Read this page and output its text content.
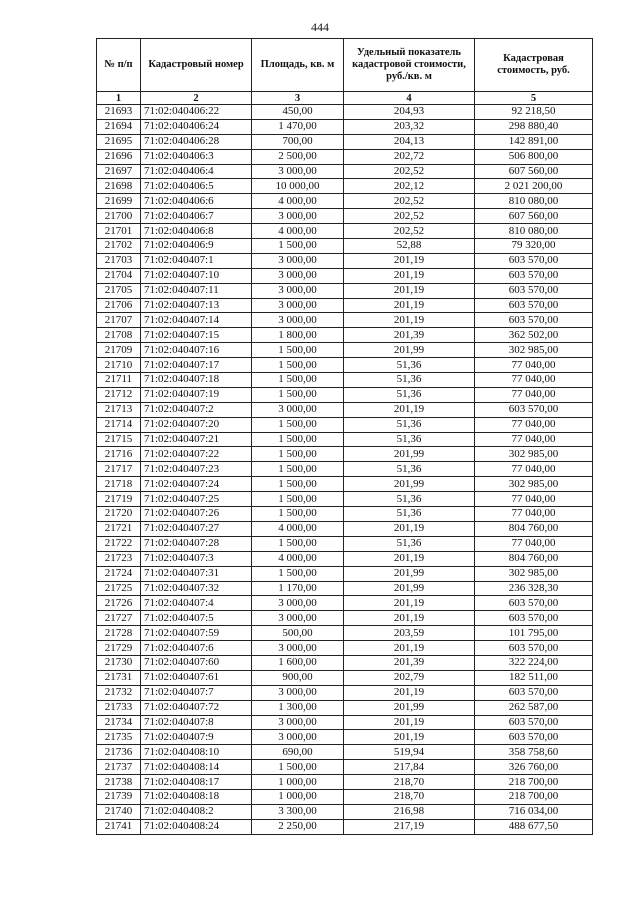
444
№ п/п	Кадастровый номер	Площадь, кв. м	Удельный показатель кадастровой стоимости, руб./кв. м	Кадастровая стоимость, руб.
1	2	3	4	5
21693	71:02:040406:22	450,00	204,93	92 218,50
21694	71:02:040406:24	1 470,00	203,32	298 880,40
21695	71:02:040406:28	700,00	204,13	142 891,00
21696	71:02:040406:3	2 500,00	202,72	506 800,00
21697	71:02:040406:4	3 000,00	202,52	607 560,00
21698	71:02:040406:5	10 000,00	202,12	2 021 200,00
21699	71:02:040406:6	4 000,00	202,52	810 080,00
21700	71:02:040406:7	3 000,00	202,52	607 560,00
21701	71:02:040406:8	4 000,00	202,52	810 080,00
21702	71:02:040406:9	1 500,00	52,88	79 320,00
21703	71:02:040407:1	3 000,00	201,19	603 570,00
21704	71:02:040407:10	3 000,00	201,19	603 570,00
21705	71:02:040407:11	3 000,00	201,19	603 570,00
21706	71:02:040407:13	3 000,00	201,19	603 570,00
21707	71:02:040407:14	3 000,00	201,19	603 570,00
21708	71:02:040407:15	1 800,00	201,39	362 502,00
21709	71:02:040407:16	1 500,00	201,99	302 985,00
21710	71:02:040407:17	1 500,00	51,36	77 040,00
21711	71:02:040407:18	1 500,00	51,36	77 040,00
21712	71:02:040407:19	1 500,00	51,36	77 040,00
21713	71:02:040407:2	3 000,00	201,19	603 570,00
21714	71:02:040407:20	1 500,00	51,36	77 040,00
21715	71:02:040407:21	1 500,00	51,36	77 040,00
21716	71:02:040407:22	1 500,00	201,99	302 985,00
21717	71:02:040407:23	1 500,00	51,36	77 040,00
21718	71:02:040407:24	1 500,00	201,99	302 985,00
21719	71:02:040407:25	1 500,00	51,36	77 040,00
21720	71:02:040407:26	1 500,00	51,36	77 040,00
21721	71:02:040407:27	4 000,00	201,19	804 760,00
21722	71:02:040407:28	1 500,00	51,36	77 040,00
21723	71:02:040407:3	4 000,00	201,19	804 760,00
21724	71:02:040407:31	1 500,00	201,99	302 985,00
21725	71:02:040407:32	1 170,00	201,99	236 328,30
21726	71:02:040407:4	3 000,00	201,19	603 570,00
21727	71:02:040407:5	3 000,00	201,19	603 570,00
21728	71:02:040407:59	500,00	203,59	101 795,00
21729	71:02:040407:6	3 000,00	201,19	603 570,00
21730	71:02:040407:60	1 600,00	201,39	322 224,00
21731	71:02:040407:61	900,00	202,79	182 511,00
21732	71:02:040407:7	3 000,00	201,19	603 570,00
21733	71:02:040407:72	1 300,00	201,99	262 587,00
21734	71:02:040407:8	3 000,00	201,19	603 570,00
21735	71:02:040407:9	3 000,00	201,19	603 570,00
21736	71:02:040408:10	690,00	519,94	358 758,60
21737	71:02:040408:14	1 500,00	217,84	326 760,00
21738	71:02:040408:17	1 000,00	218,70	218 700,00
21739	71:02:040408:18	1 000,00	218,70	218 700,00
21740	71:02:040408:2	3 300,00	216,98	716 034,00
21741	71:02:040408:24	2 250,00	217,19	488 677,50
